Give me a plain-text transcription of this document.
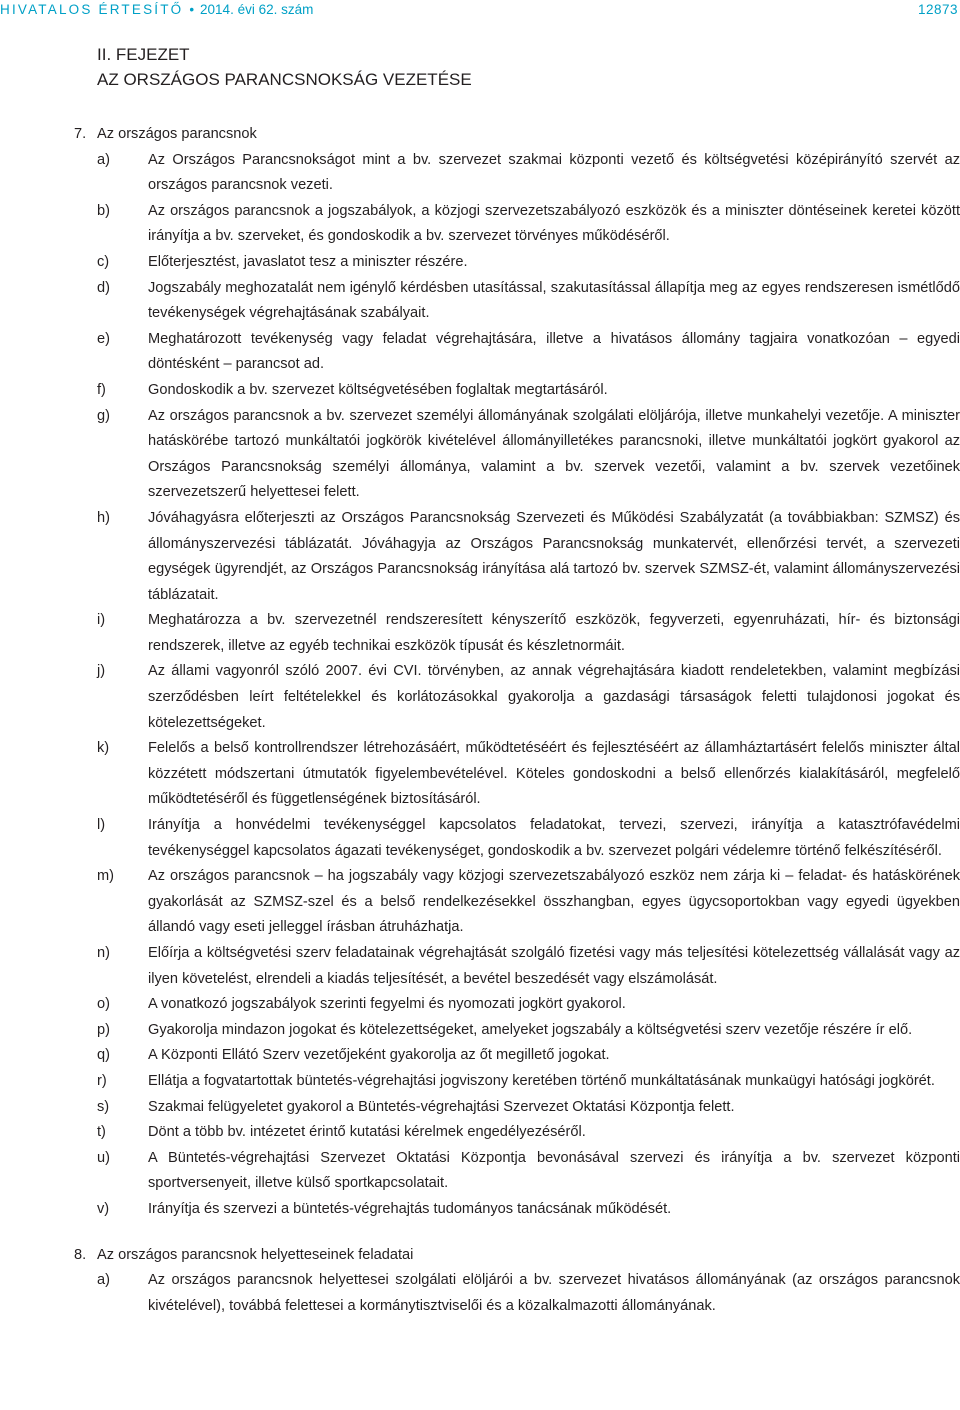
HIVATALOS ÉRTESÍTŐ • 2014. évi 62. szám	12873
II. FEJEZET
AZ ORSZÁGOS PARANCSNOKSÁG VEZETÉSE
7. Az országos parancsnok
a)	Az Országos Parancsnokságot mint a bv. szervezet szakmai központi vezető és költségvetési középirányító szervét az országos parancsnok vezeti.
b)	Az országos parancsnok a jogszabályok, a közjogi szervezetszabályozó eszközök és a miniszter döntéseinek keretei között irányítja a bv. szerveket, és gondoskodik a bv. szervezet törvényes működéséről.
c)	Előterjesztést, javaslatot tesz a miniszter részére.
d)	Jogszabály meghozatalát nem igénylő kérdésben utasítással, szakutasítással állapítja meg az egyes rendszeresen ismétlődő tevékenységek végrehajtásának szabályait.
e)	Meghatározott tevékenység vagy feladat végrehajtására, illetve a hivatásos állomány tagjaira vonatkozóan – egyedi döntésként – parancsot ad.
f)	Gondoskodik a bv. szervezet költségvetésében foglaltak megtartásáról.
g)	Az országos parancsnok a bv. szervezet személyi állományának szolgálati elöljárója, illetve munkahelyi vezetője. A miniszter hatáskörébe tartozó munkáltatói jogkörök kivételével állományilletékes parancsnoki, illetve munkáltatói jogkört gyakorol az Országos Parancsnokság személyi állománya, valamint a bv. szervek vezetői, valamint a bv. szervek vezetőinek szervezetszerű helyettesei felett.
h)	Jóváhagyásra előterjeszti az Országos Parancsnokság Szervezeti és Működési Szabályzatát (a továbbiakban: SZMSZ) és állományszervezési táblázatát. Jóváhagyja az Országos Parancsnokság munkatervét, ellenőrzési tervét, a szervezeti egységek ügyrendjét, az Országos Parancsnokság irányítása alá tartozó bv. szervek SZMSZ-ét, valamint állományszervezési táblázatait.
i)	Meghatározza a bv. szervezetnél rendszeresített kényszerítő eszközök, fegyverzeti, egyenruházati, hír- és biztonsági rendszerek, illetve az egyéb technikai eszközök típusát és készletnormáit.
j)	Az állami vagyonról szóló 2007. évi CVI. törvényben, az annak végrehajtására kiadott rendeletekben, valamint megbízási szerződésben leírt feltételekkel és korlátozásokkal gyakorolja a gazdasági társaságok feletti tulajdonosi jogokat és kötelezettségeket.
k)	Felelős a belső kontrollrendszer létrehozásáért, működtetéséért és fejlesztéséért az államháztartásért felelős miniszter által közzétett módszertani útmutatók figyelembevételével. Köteles gondoskodni a belső ellenőrzés kialakításáról, megfelelő működtetéséről és függetlenségének biztosításáról.
l)	Irányítja a honvédelmi tevékenységgel kapcsolatos feladatokat, tervezi, szervezi, irányítja a katasztrófavédelmi tevékenységgel kapcsolatos ágazati tevékenységet, gondoskodik a bv. szervezet polgári védelemre történő felkészítéséről.
m) Az országos parancsnok – ha jogszabály vagy közjogi szervezetszabályozó eszköz nem zárja ki – feladat- és hatáskörének gyakorlását az SZMSZ-szel és a belső rendelkezésekkel összhangban, egyes ügycsoportokban vagy egyedi ügyekben állandó vagy eseti jelleggel írásban átruházhatja.
n)	Előírja a költségvetési szerv feladatainak végrehajtását szolgáló fizetési vagy más teljesítési kötelezettség vállalását vagy az ilyen követelést, elrendeli a kiadás teljesítését, a bevétel beszedését vagy elszámolását.
o)	A vonatkozó jogszabályok szerinti fegyelmi és nyomozati jogkört gyakorol.
p)	Gyakorolja mindazon jogokat és kötelezettségeket, amelyeket jogszabály a költségvetési szerv vezetője részére ír elő.
q)	A Központi Ellátó Szerv vezetőjeként gyakorolja az őt megillető jogokat.
r)	Ellátja a fogvatartottak büntetés-végrehajtási jogviszony keretében történő munkáltatásának munkaügyi hatósági jogkörét.
s)	Szakmai felügyeletet gyakorol a Büntetés-végrehajtási Szervezet Oktatási Központja felett.
t)	Dönt a több bv. intézetet érintő kutatási kérelmek engedélyezéséről.
u)	A Büntetés-végrehajtási Szervezet Oktatási Központja bevonásával szervezi és irányítja a bv. szervezet központi sportversenyeit, illetve külső sportkapcsolatait.
v)	Irányítja és szervezi a büntetés-végrehajtás tudományos tanácsának működését.
8. Az országos parancsnok helyetteseinek feladatai
a)	Az országos parancsnok helyettesei szolgálati elöljárói a bv. szervezet hivatásos állományának (az országos parancsnok kivételével), továbbá felettesei a kormánytisztviselői és a közalkalmazotti állományának.
